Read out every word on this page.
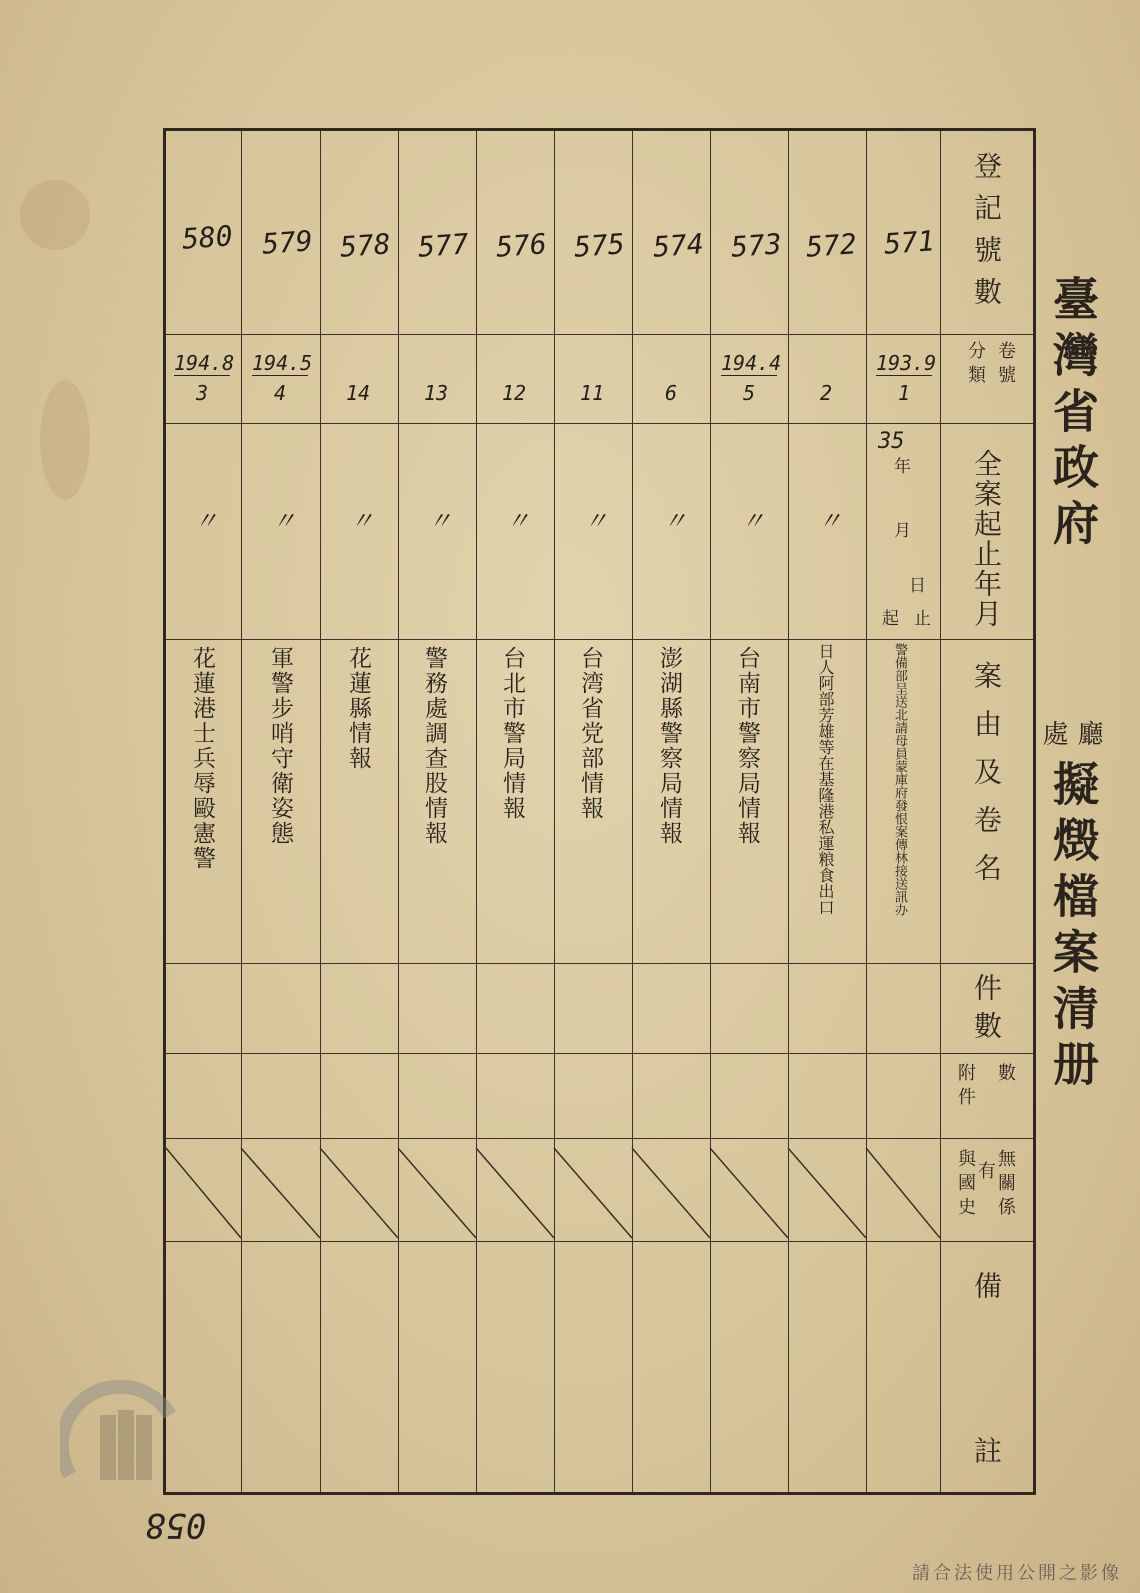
臺灣省政府
廳
處
擬燬檔案清册
登記號數
卷號
分類
全案起止年月
案由及卷名
件數
數
附件
無關係
有
與國史
備
註
571
193.9
1
35
年
月
日
起 止
警備部呈送北請母員蒙庫府發恨案傳林接送訊办
572
2
〃
日人阿部芳雄等在基隆港私運粮食出口
573
194.4
5
〃
台南市警察局情報
574
6
〃
澎湖縣警察局情報
575
11
〃
台湾省党部情報
576
12
〃
台北市警局情報
577
13
〃
警務處調查股情報
578
14
〃
花蓮縣情報
579
194.5
4
〃
軍警步哨守衛姿態
580
194.8
3
〃
花蓮港士兵辱毆憲警
058
請合法使用公開之影像
